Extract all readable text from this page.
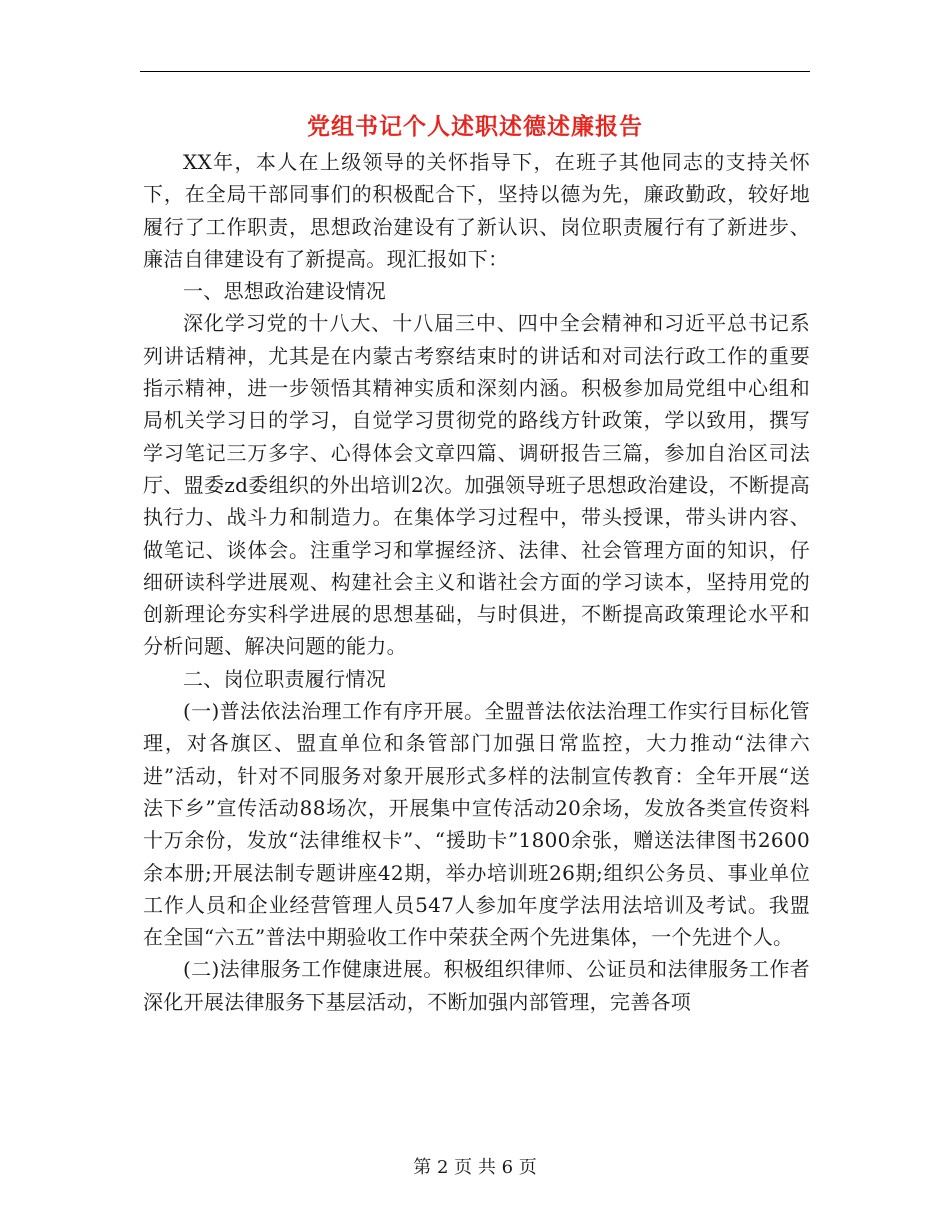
党组书记个人述职述德述廉报告

XX年，本人在上级领导的关怀指导下，在班子其他同志的支持关怀下，在全局干部同事们的积极配合下，坚持以德为先，廉政勤政，较好地履行了工作职责，思想政治建设有了新认识、岗位职责履行有了新进步、廉洁自律建设有了新提高。现汇报如下：

一、思想政治建设情况

深化学习党的十八大、十八届三中、四中全会精神和习近平总书记系列讲话精神，尤其是在内蒙古考察结束时的讲话和对司法行政工作的重要指示精神，进一步领悟其精神实质和深刻内涵。积极参加局党组中心组和局机关学习日的学习，自觉学习贯彻党的路线方针政策，学以致用，撰写学习笔记三万多字、心得体会文章四篇、调研报告三篇，参加自治区司法厅、盟委zd委组织的外出培训2次。加强领导班子思想政治建设，不断提高执行力、战斗力和制造力。在集体学习过程中，带头授课，带头讲内容、做笔记、谈体会。注重学习和掌握经济、法律、社会管理方面的知识，仔细研读科学进展观、构建社会主义和谐社会方面的学习读本，坚持用党的创新理论夯实科学进展的思想基础，与时俱进，不断提高政策理论水平和分析问题、解决问题的能力。

二、岗位职责履行情况

(一)普法依法治理工作有序开展。全盟普法依法治理工作实行目标化管理，对各旗区、盟直单位和条管部门加强日常监控，大力推动“法律六进”活动，针对不同服务对象开展形式多样的法制宣传教育：全年开展“送法下乡”宣传活动88场次，开展集中宣传活动20余场，发放各类宣传资料十万余份，发放“法律维权卡”、“援助卡”1800余张，赠送法律图书2600余本册;开展法制专题讲座42期，举办培训班26期;组织公务员、事业单位工作人员和企业经营管理人员547人参加年度学法用法培训及考试。我盟在全国“六五”普法中期验收工作中荣获全两个先进集体，一个先进个人。

(二)法律服务工作健康进展。积极组织律师、公证员和法律服务工作者深化开展法律服务下基层活动，不断加强内部管理，完善各项

第 2 页 共 6 页
